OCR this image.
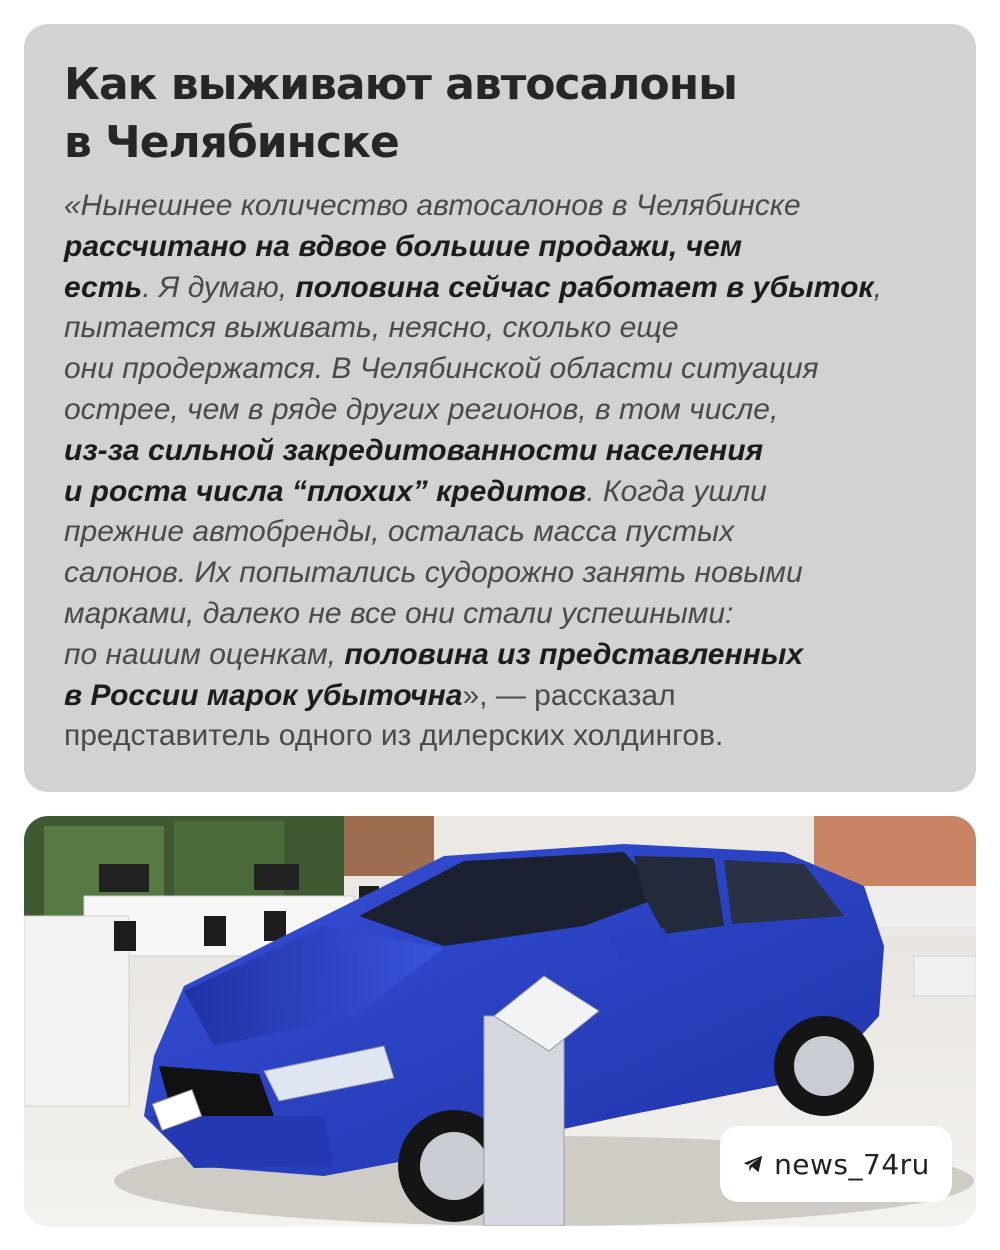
Как выживают автосалоны
в Челябинске

«Нынешнее количество автосалонов в Челябинске
рассчитано на вдвое большие продажи, чем
есть. Я думаю, половина сейчас работает в убыток,
пытается выживать, неясно, сколько еще
они продержатся. В Челябинской области ситуация
острее, чем в ряде других регионов, в том числе,
из-за сильной закредитованности населения
и роста числа “плохих” кредитов. Когда ушли
прежние автобренды, осталась масса пустых
салонов. Их попытались судорожно занять новыми
марками, далеко не все они стали успешными:
по нашим оценкам, половина из представленных
в России марок убыточна», — рассказал
представитель одного из дилерских холдингов.

news_74ru
